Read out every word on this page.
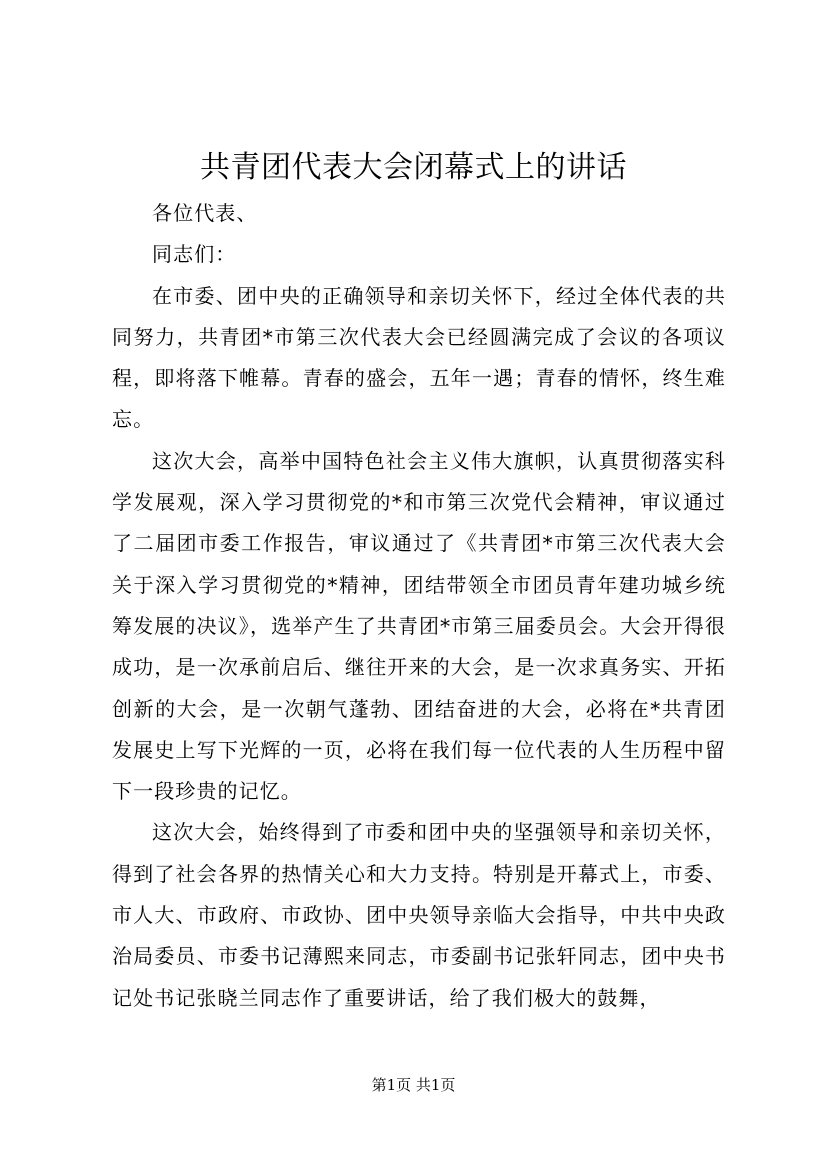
共青团代表大会闭幕式上的讲话

各位代表、

同志们：

在市委、团中央的正确领导和亲切关怀下，经过全体代表的共同努力，共青团*市第三次代表大会已经圆满完成了会议的各项议程，即将落下帷幕。青春的盛会，五年一遇；青春的情怀，终生难忘。

这次大会，高举中国特色社会主义伟大旗帜，认真贯彻落实科学发展观，深入学习贯彻党的*和市第三次党代会精神，审议通过了二届团市委工作报告，审议通过了《共青团*市第三次代表大会关于深入学习贯彻党的*精神，团结带领全市团员青年建功城乡统筹发展的决议》，选举产生了共青团*市第三届委员会。大会开得很成功，是一次承前启后、继往开来的大会，是一次求真务实、开拓创新的大会，是一次朝气蓬勃、团结奋进的大会，必将在*共青团发展史上写下光辉的一页，必将在我们每一位代表的人生历程中留下一段珍贵的记忆。

这次大会，始终得到了市委和团中央的坚强领导和亲切关怀，得到了社会各界的热情关心和大力支持。特别是开幕式上，市委、市人大、市政府、市政协、团中央领导亲临大会指导，中共中央政治局委员、市委书记薄熙来同志，市委副书记张轩同志，团中央书记处书记张晓兰同志作了重要讲话，给了我们极大的鼓舞，

第1页 共1页
